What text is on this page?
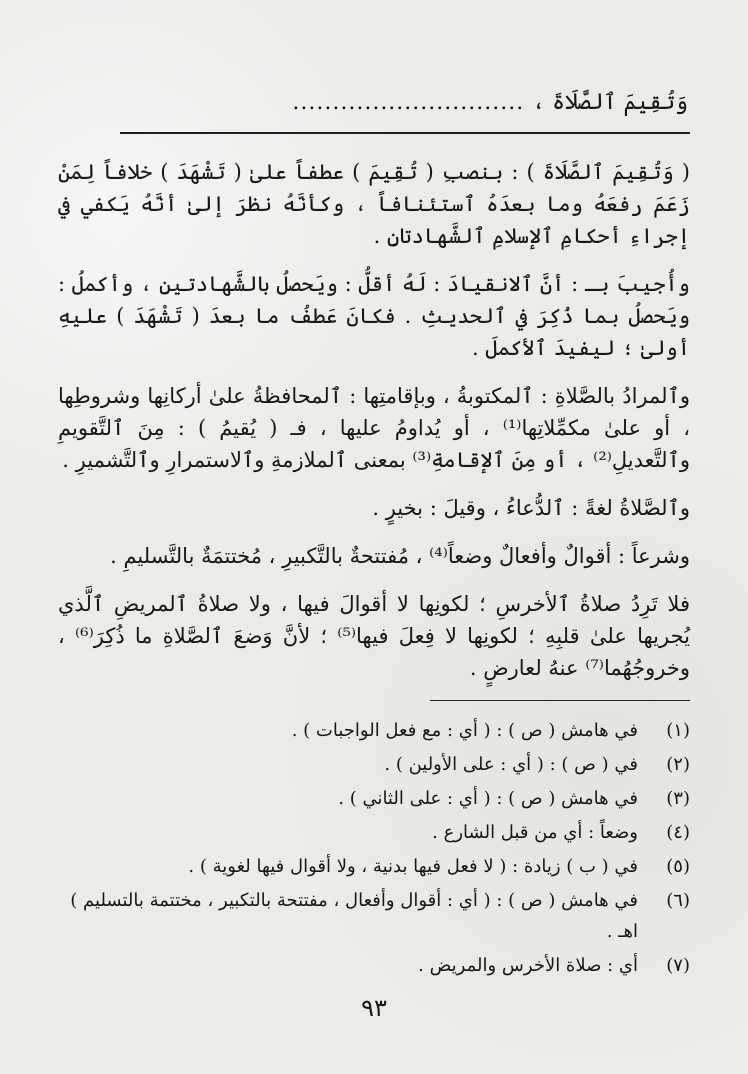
وَتُقِيمَ ٱلصَّلَاةَ ،
.............................

( وَتُقِيمَ ٱلصَّلَاةَ ) : بنصبِ ( تُقِيمَ ) عطفاً علىٰ ( تَشْهَدَ ) خلافاً لِمَنْ زَعَمَ رفعَهُ وما بعدَهُ ٱستئنافاً ، وكأنَّهُ نظرَ إلىٰ أنَّهُ يَكفي في إجراءِ أحكامِ ٱلإسلامِ ٱلشَّهادتانِ .

وأُجيبَ بـ : أنَّ ٱلانقيادَ : لَهُ أقلُّ : ويَحصلُ بالشَّهادتينِ ، وأكملُ : ويَحصلُ بما ذُكِرَ في ٱلحديثِ . فكانَ عَطفُ ما بعدَ ( تَشْهَدَ ) عليهِ أولىٰ ؛ ليفيدَ ٱلأكملَ .

وٱلمرادُ بالصَّلاةِ : ٱلمكتوبةُ ، وبإقامتِها : ٱلمحافظةُ علىٰ أركانِها وشروطِها ، أو علىٰ مكمِّلاتِها⁽¹⁾ ، أو يُداومُ عليها ، فـ ( يُقيمُ ) : مِنَ ٱلتَّقويمِ وٱلتَّعديلِ⁽²⁾ ، أو مِنَ ٱلإقامةِ⁽³⁾ بمعنى ٱلملازمةِ وٱلاستمرارِ وٱلتَّشميرِ .

وٱلصَّلاةُ لغةً : ٱلدُّعاءُ ، وقيلَ : بخيرٍ .

وشرعاً : أقوالٌ وأفعالٌ وضعاً⁽⁴⁾ ، مُفتتحةٌ بالتَّكبيرِ ، مُختتمَةٌ بالتَّسليمِ .

فلا تَرِدُ صلاةُ ٱلأخرسِ ؛ لكونِها لا أقوالَ فيها ، ولا صلاةُ ٱلمريضِ ٱلَّذي يُجريها علىٰ قلبِهِ ؛ لكونِها لا فِعلَ فيها⁽⁵⁾ ؛ لأنَّ وَضعَ ٱلصَّلاةِ ما ذُكِرَ⁽⁶⁾ ، وخروجُهُما⁽⁷⁾ عنهُ لعارضٍ .

(١)
في هامش ( ص ) : ( أي : مع فعل الواجبات ) .
(٢)
في ( ص ) : ( أي : على الأولين ) .
(٣)
في هامش ( ص ) : ( أي : على الثاني ) .
(٤)
وضعاً : أي من قبل الشارع .
(٥)
في ( ب ) زيادة : ( لا فعل فيها بدنية ، ولا أقوال فيها لغوية ) .
(٦)
في هامش ( ص ) : ( أي : أقوال وأفعال ، مفتتحة بالتكبير ، مختتمة بالتسليم ) اهـ .
(٧)
أي : صلاة الأخرس والمريض .
٩٣
